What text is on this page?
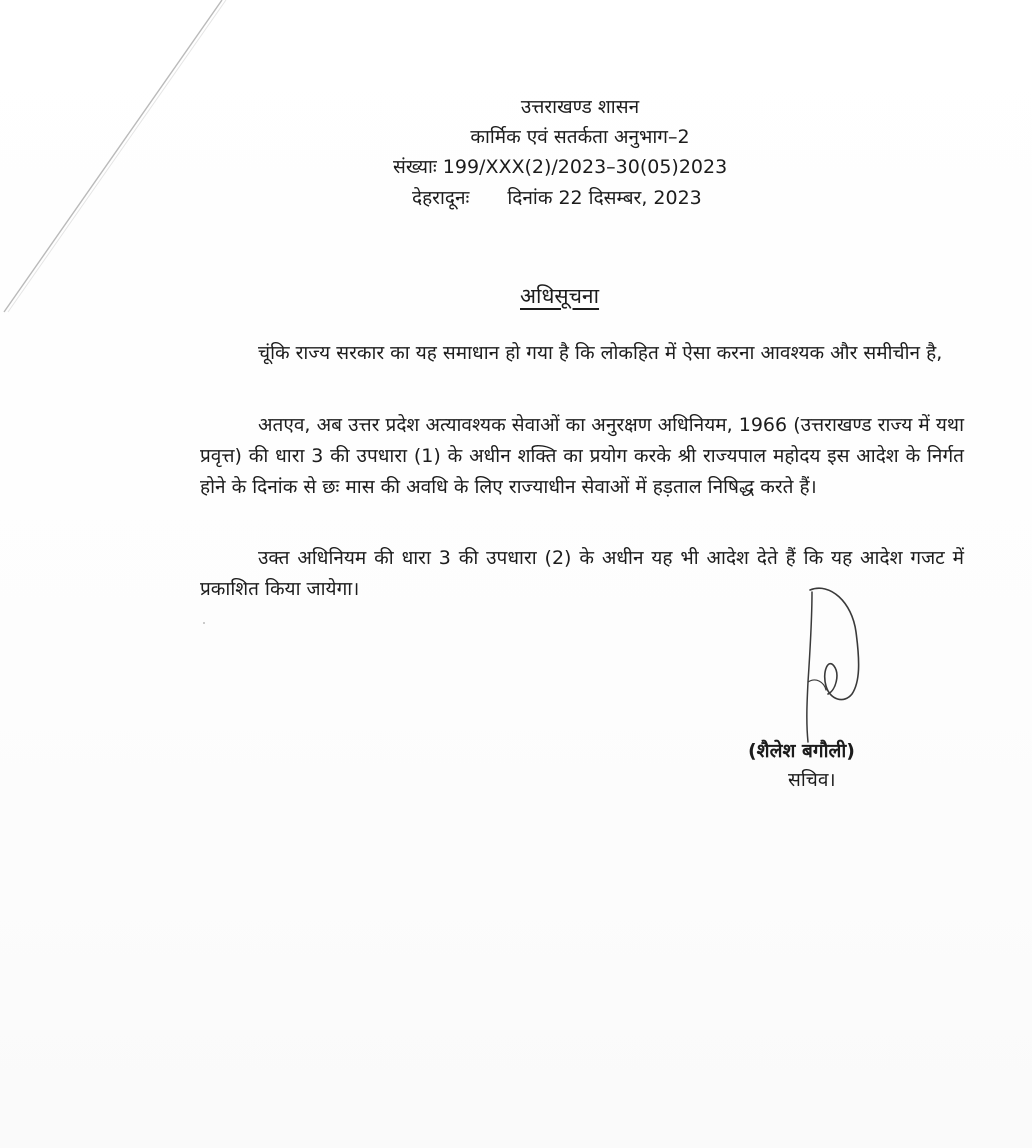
उत्तराखण्ड शासन
कार्मिक एवं सतर्कता अनुभाग–2
संख्याः 199/XXX(2)/2023–30(05)2023
देहरादूनः दिनांक 22 दिसम्बर, 2023
अधिसूचना
चूंकि राज्य सरकार का यह समाधान हो गया है कि लोकहित में ऐसा करना आवश्यक और समीचीन है,
अतएव, अब उत्तर प्रदेश अत्यावश्यक सेवाओं का अनुरक्षण अधिनियम, 1966 (उत्तराखण्ड राज्य में यथा प्रवृत्त) की धारा 3 की उपधारा (1) के अधीन शक्ति का प्रयोग करके श्री राज्यपाल महोदय इस आदेश के निर्गत होने के दिनांक से छः मास की अवधि के लिए राज्याधीन सेवाओं में हड़ताल निषिद्ध करते हैं।
उक्त अधिनियम की धारा 3 की उपधारा (2) के अधीन यह भी आदेश देते हैं कि यह आदेश गजट में प्रकाशित किया जायेगा।
(शैलेश बगौली)
सचिव।
